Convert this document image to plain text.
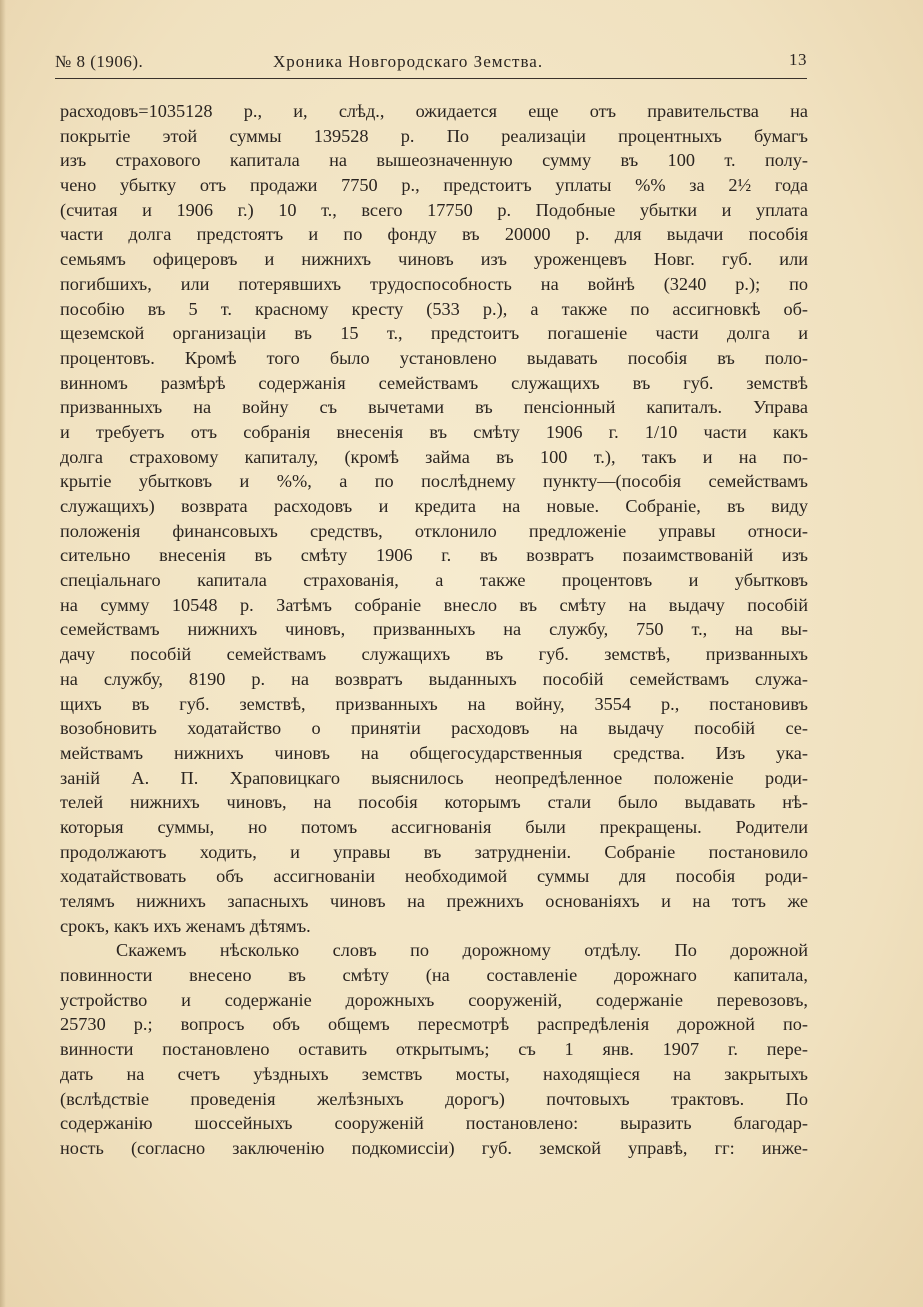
№ 8 (1906).	Хроника Новгородскаго Земства.	13
расходовъ=1035128 р., и, слѣд., ожидается еще отъ правительства на
покрытіе этой суммы 139528 р. По реализаціи процентныхъ бумагъ
изъ страхового капитала на вышеозначенную сумму въ 100 т. полу-
чено убытку отъ продажи 7750 р., предстоитъ уплаты %% за 2½ года
(считая и 1906 г.) 10 т., всего 17750 р. Подобные убытки и уплата
части долга предстоятъ и по фонду въ 20000 р. для выдачи пособія
семьямъ офицеровъ и нижнихъ чиновъ изъ уроженцевъ Новг. губ. или
погибшихъ, или потерявшихъ трудоспособность на войнѣ (3240 р.); по
пособію въ 5 т. красному кресту (533 р.), а также по ассигновкѣ об-
щеземской организаціи въ 15 т., предстоитъ погашеніе части долга и
процентовъ. Кромѣ того было установлено выдавать пособія въ поло-
винномъ размѣрѣ содержанія семействамъ служащихъ въ губ. земствѣ
призванныхъ на войну съ вычетами въ пенсіонный капиталъ. Управа
и требуетъ отъ собранія внесенія въ смѣту 1906 г. 1/10 части какъ
долга страховому капиталу, (кромѣ займа въ 100 т.), такъ и на по-
крытіе убытковъ и %%, а по послѣднему пункту—(пособія семействамъ
служащихъ) возврата расходовъ и кредита на новые. Собраніе, въ виду
положенія финансовыхъ средствъ, отклонило предложеніе управы относи-
сительно внесенія въ смѣту 1906 г. въ возвратъ позаимствованій изъ
спеціальнаго капитала страхованія, а также процентовъ и убытковъ
на сумму 10548 р. Затѣмъ собраніе внесло въ смѣту на выдачу пособій
семействамъ нижнихъ чиновъ, призванныхъ на службу, 750 т., на вы-
дачу пособій семействамъ служащихъ въ губ. земствѣ, призванныхъ
на службу, 8190 р. на возвратъ выданныхъ пособій семействамъ служа-
щихъ въ губ. земствѣ, призванныхъ на войну, 3554 р., постановивъ
возобновить ходатайство о принятіи расходовъ на выдачу пособій се-
мействамъ нижнихъ чиновъ на общегосударственныя средства. Изъ ука-
заній А. П. Храповицкаго выяснилось неопредѣленное положеніе роди-
телей нижнихъ чиновъ, на пособія которымъ стали было выдавать нѣ-
которыя суммы, но потомъ ассигнованія были прекращены. Родители
продолжаютъ ходить, и управы въ затрудненіи. Собраніе постановило
ходатайствовать объ ассигнованіи необходимой суммы для пособія роди-
телямъ нижнихъ запасныхъ чиновъ на прежнихъ основаніяхъ и на тотъ же
срокъ, какъ ихъ женамъ дѣтямъ.
Скажемъ нѣсколько словъ по дорожному отдѣлу. По дорожной
повинности внесено въ смѣту (на составленіе дорожнаго капитала,
устройство и содержаніе дорожныхъ сооруженій, содержаніе перевозовъ,
25730 р.; вопросъ объ общемъ пересмотрѣ распредѣленія дорожной по-
винности постановлено оставить открытымъ; съ 1 янв. 1907 г. пере-
дать на счетъ уѣздныхъ земствъ мосты, находящіеся на закрытыхъ
(вслѣдствіе проведенія желѣзныхъ дорогъ) почтовыхъ трактовъ. По
содержанію шоссейныхъ сооруженій постановлено: выразить благодар-
ность (согласно заключенію подкомиссіи) губ. земской управѣ, гг: инже-
